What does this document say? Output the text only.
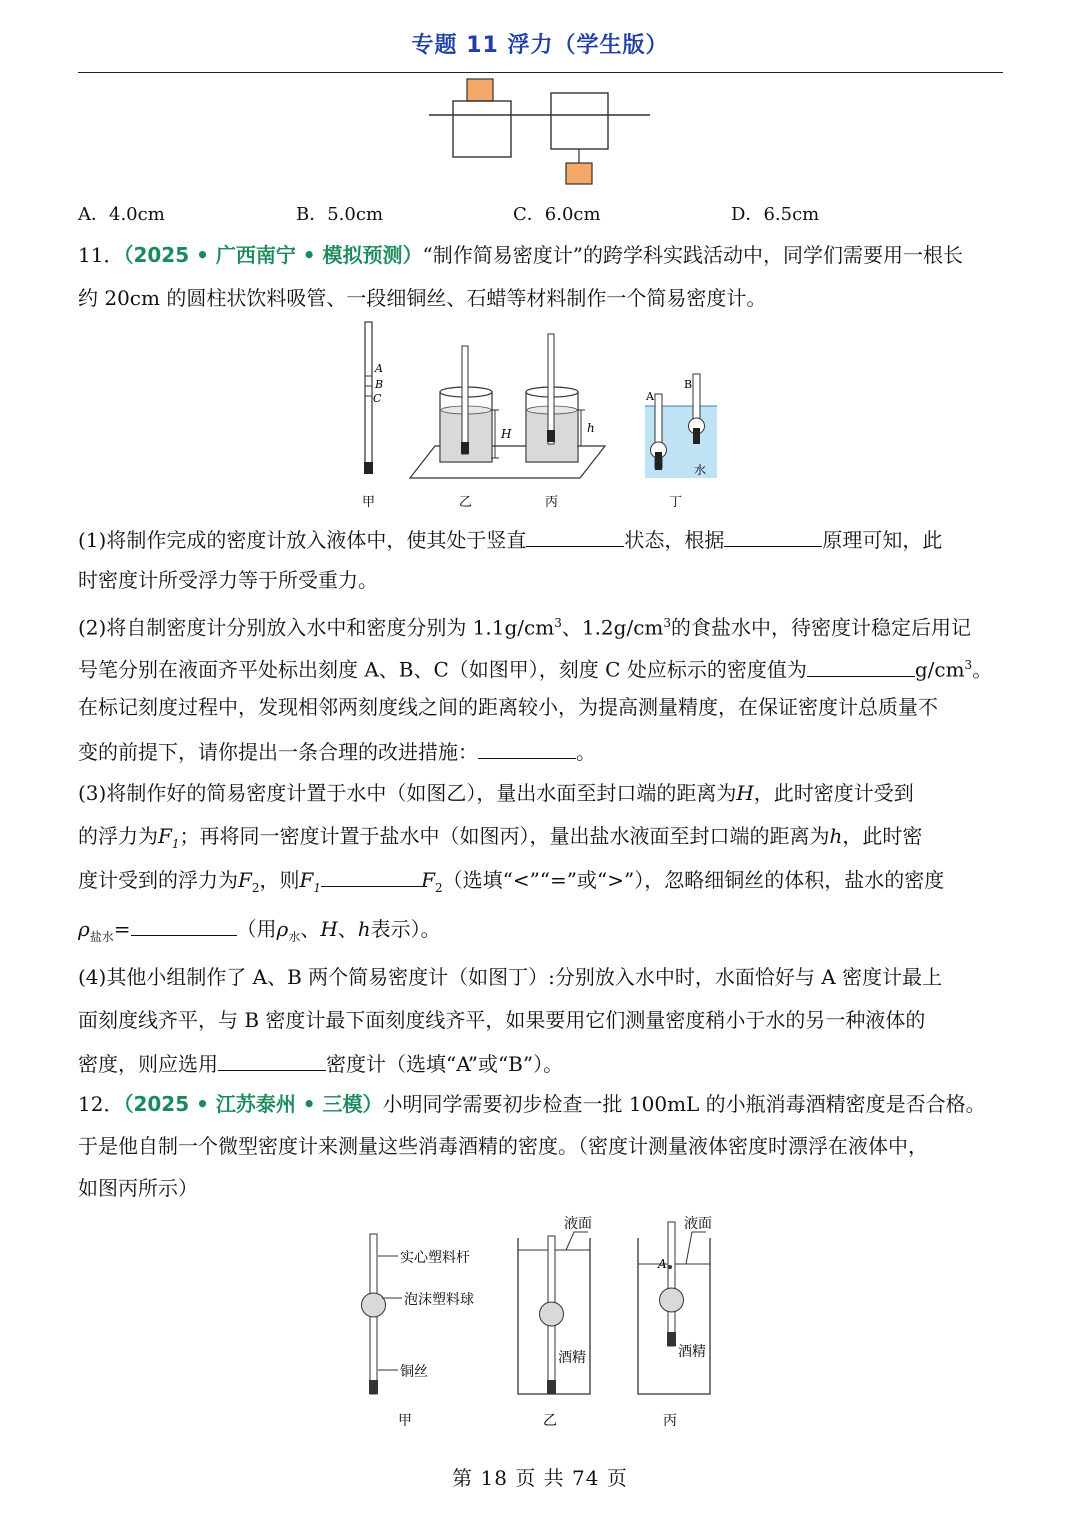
专题 11 浮力（学生版）
A．4.0cm	B．5.0cm	C．6.0cm	D．6.5cm
11．（2025 • 广西南宁 • 模拟预测）“制作简易密度计”的跨学科实践活动中，同学们需要用一根长
约 20cm 的圆柱状饮料吸管、一段细铜丝、石蜡等材料制作一个简易密度计。
A
B
C
甲
H
乙
h
丙
A
B
水
丁
(1)将制作完成的密度计放入液体中，使其处于竖直	状态，根据	原理可知，此
时密度计所受浮力等于所受重力。
(2)将自制密度计分别放入水中和密度分别为 $1.1g/cm^3$、$1.2g/cm^3$的食盐水中，待密度计稳定后用记
号笔分别在液面齐平处标出刻度 A、B、C（如图甲），刻度 C 处应标示的密度值为	$g/cm^3$。
在标记刻度过程中，发现相邻两刻度线之间的距离较小，为提高测量精度，在保证密度计总质量不
变的前提下，请你提出一条合理的改进措施：	。
(3)将制作好的简易密度计置于水中（如图乙），量出水面至封口端的距离为H，此时密度计受到
的浮力为$F_1$；再将同一密度计置于盐水中（如图丙），量出盐水液面至封口端的距离为h，此时密
度计受到的浮力为$F_2$，则$F_1$	$F_2$（选填“<”“=”或“>”），忽略细铜丝的体积，盐水的密度
$\rho_{盐水}=$	（用$\rho_水$、H、h表示）。
(4)其他小组制作了 A、B 两个简易密度计（如图丁）:分别放入水中时，水面恰好与 A 密度计最上
面刻度线齐平，与 B 密度计最下面刻度线齐平，如果要用它们测量密度稍小于水的另一种液体的
密度，则应选用	密度计（选填“A”或“B”）。
12．（2025 • 江苏泰州 • 三模）小明同学需要初步检查一批 100mL 的小瓶消毒酒精密度是否合格。
于是他自制一个微型密度计来测量这些消毒酒精的密度。（密度计测量液体密度时漂浮在液体中，
如图丙所示）
实心塑料杆
泡沫塑料球
铜丝
甲
液面
酒精
乙
A
液面
酒精
丙
第 18 页 共 74 页
